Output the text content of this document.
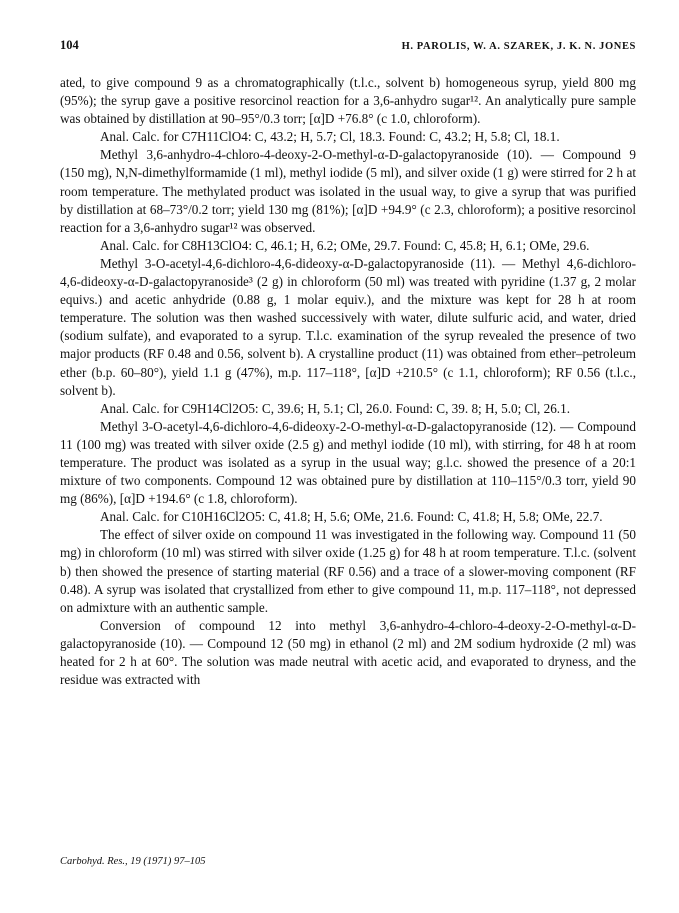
104	H. PAROLIS, W. A. SZAREK, J. K. N. JONES

ated, to give compound 9 as a chromatographically (t.l.c., solvent b) homogeneous syrup, yield 800 mg (95%); the syrup gave a positive resorcinol reaction for a 3,6-anhydro sugar¹². An analytically pure sample was obtained by distillation at 90–95°/0.3 torr; [α]D +76.8° (c 1.0, chloroform).

Anal. Calc. for C7H11ClO4: C, 43.2; H, 5.7; Cl, 18.3. Found: C, 43.2; H, 5.8; Cl, 18.1.

Methyl 3,6-anhydro-4-chloro-4-deoxy-2-O-methyl-α-D-galactopyranoside (10). — Compound 9 (150 mg), N,N-dimethylformamide (1 ml), methyl iodide (5 ml), and silver oxide (1 g) were stirred for 2 h at room temperature. The methylated product was isolated in the usual way, to give a syrup that was purified by distillation at 68–73°/0.2 torr; yield 130 mg (81%); [α]D +94.9° (c 2.3, chloroform); a positive resorcinol reaction for a 3,6-anhydro sugar¹² was observed.

Anal. Calc. for C8H13ClO4: C, 46.1; H, 6.2; OMe, 29.7. Found: C, 45.8; H, 6.1; OMe, 29.6.

Methyl 3-O-acetyl-4,6-dichloro-4,6-dideoxy-α-D-galactopyranoside (11). — Methyl 4,6-dichloro-4,6-dideoxy-α-D-galactopyranoside³ (2 g) in chloroform (50 ml) was treated with pyridine (1.37 g, 2 molar equivs.) and acetic anhydride (0.88 g, 1 molar equiv.), and the mixture was kept for 28 h at room temperature. The solution was then washed successively with water, dilute sulfuric acid, and water, dried (sodium sulfate), and evaporated to a syrup. T.l.c. examination of the syrup revealed the presence of two major products (RF 0.48 and 0.56, solvent b). A crystalline product (11) was obtained from ether–petroleum ether (b.p. 60–80°), yield 1.1 g (47%), m.p. 117–118°, [α]D +210.5° (c 1.1, chloroform); RF 0.56 (t.l.c., solvent b).

Anal. Calc. for C9H14Cl2O5: C, 39.6; H, 5.1; Cl, 26.0. Found: C, 39. 8; H, 5.0; Cl, 26.1.

Methyl 3-O-acetyl-4,6-dichloro-4,6-dideoxy-2-O-methyl-α-D-galactopyranoside (12). — Compound 11 (100 mg) was treated with silver oxide (2.5 g) and methyl iodide (10 ml), with stirring, for 48 h at room temperature. The product was isolated as a syrup in the usual way; g.l.c. showed the presence of a 20:1 mixture of two components. Compound 12 was obtained pure by distillation at 110–115°/0.3 torr, yield 90 mg (86%), [α]D +194.6° (c 1.8, chloroform).

Anal. Calc. for C10H16Cl2O5: C, 41.8; H, 5.6; OMe, 21.6. Found: C, 41.8; H, 5.8; OMe, 22.7.

The effect of silver oxide on compound 11 was investigated in the following way. Compound 11 (50 mg) in chloroform (10 ml) was stirred with silver oxide (1.25 g) for 48 h at room temperature. T.l.c. (solvent b) then showed the presence of starting material (RF 0.56) and a trace of a slower-moving component (RF 0.48). A syrup was isolated that crystallized from ether to give compound 11, m.p. 117–118°, not depressed on admixture with an authentic sample.

Conversion of compound 12 into methyl 3,6-anhydro-4-chloro-4-deoxy-2-O-methyl-α-D-galactopyranoside (10). — Compound 12 (50 mg) in ethanol (2 ml) and 2M sodium hydroxide (2 ml) was heated for 2 h at 60°. The solution was made neutral with acetic acid, and evaporated to dryness, and the residue was extracted with

Carbohyd. Res., 19 (1971) 97–105
